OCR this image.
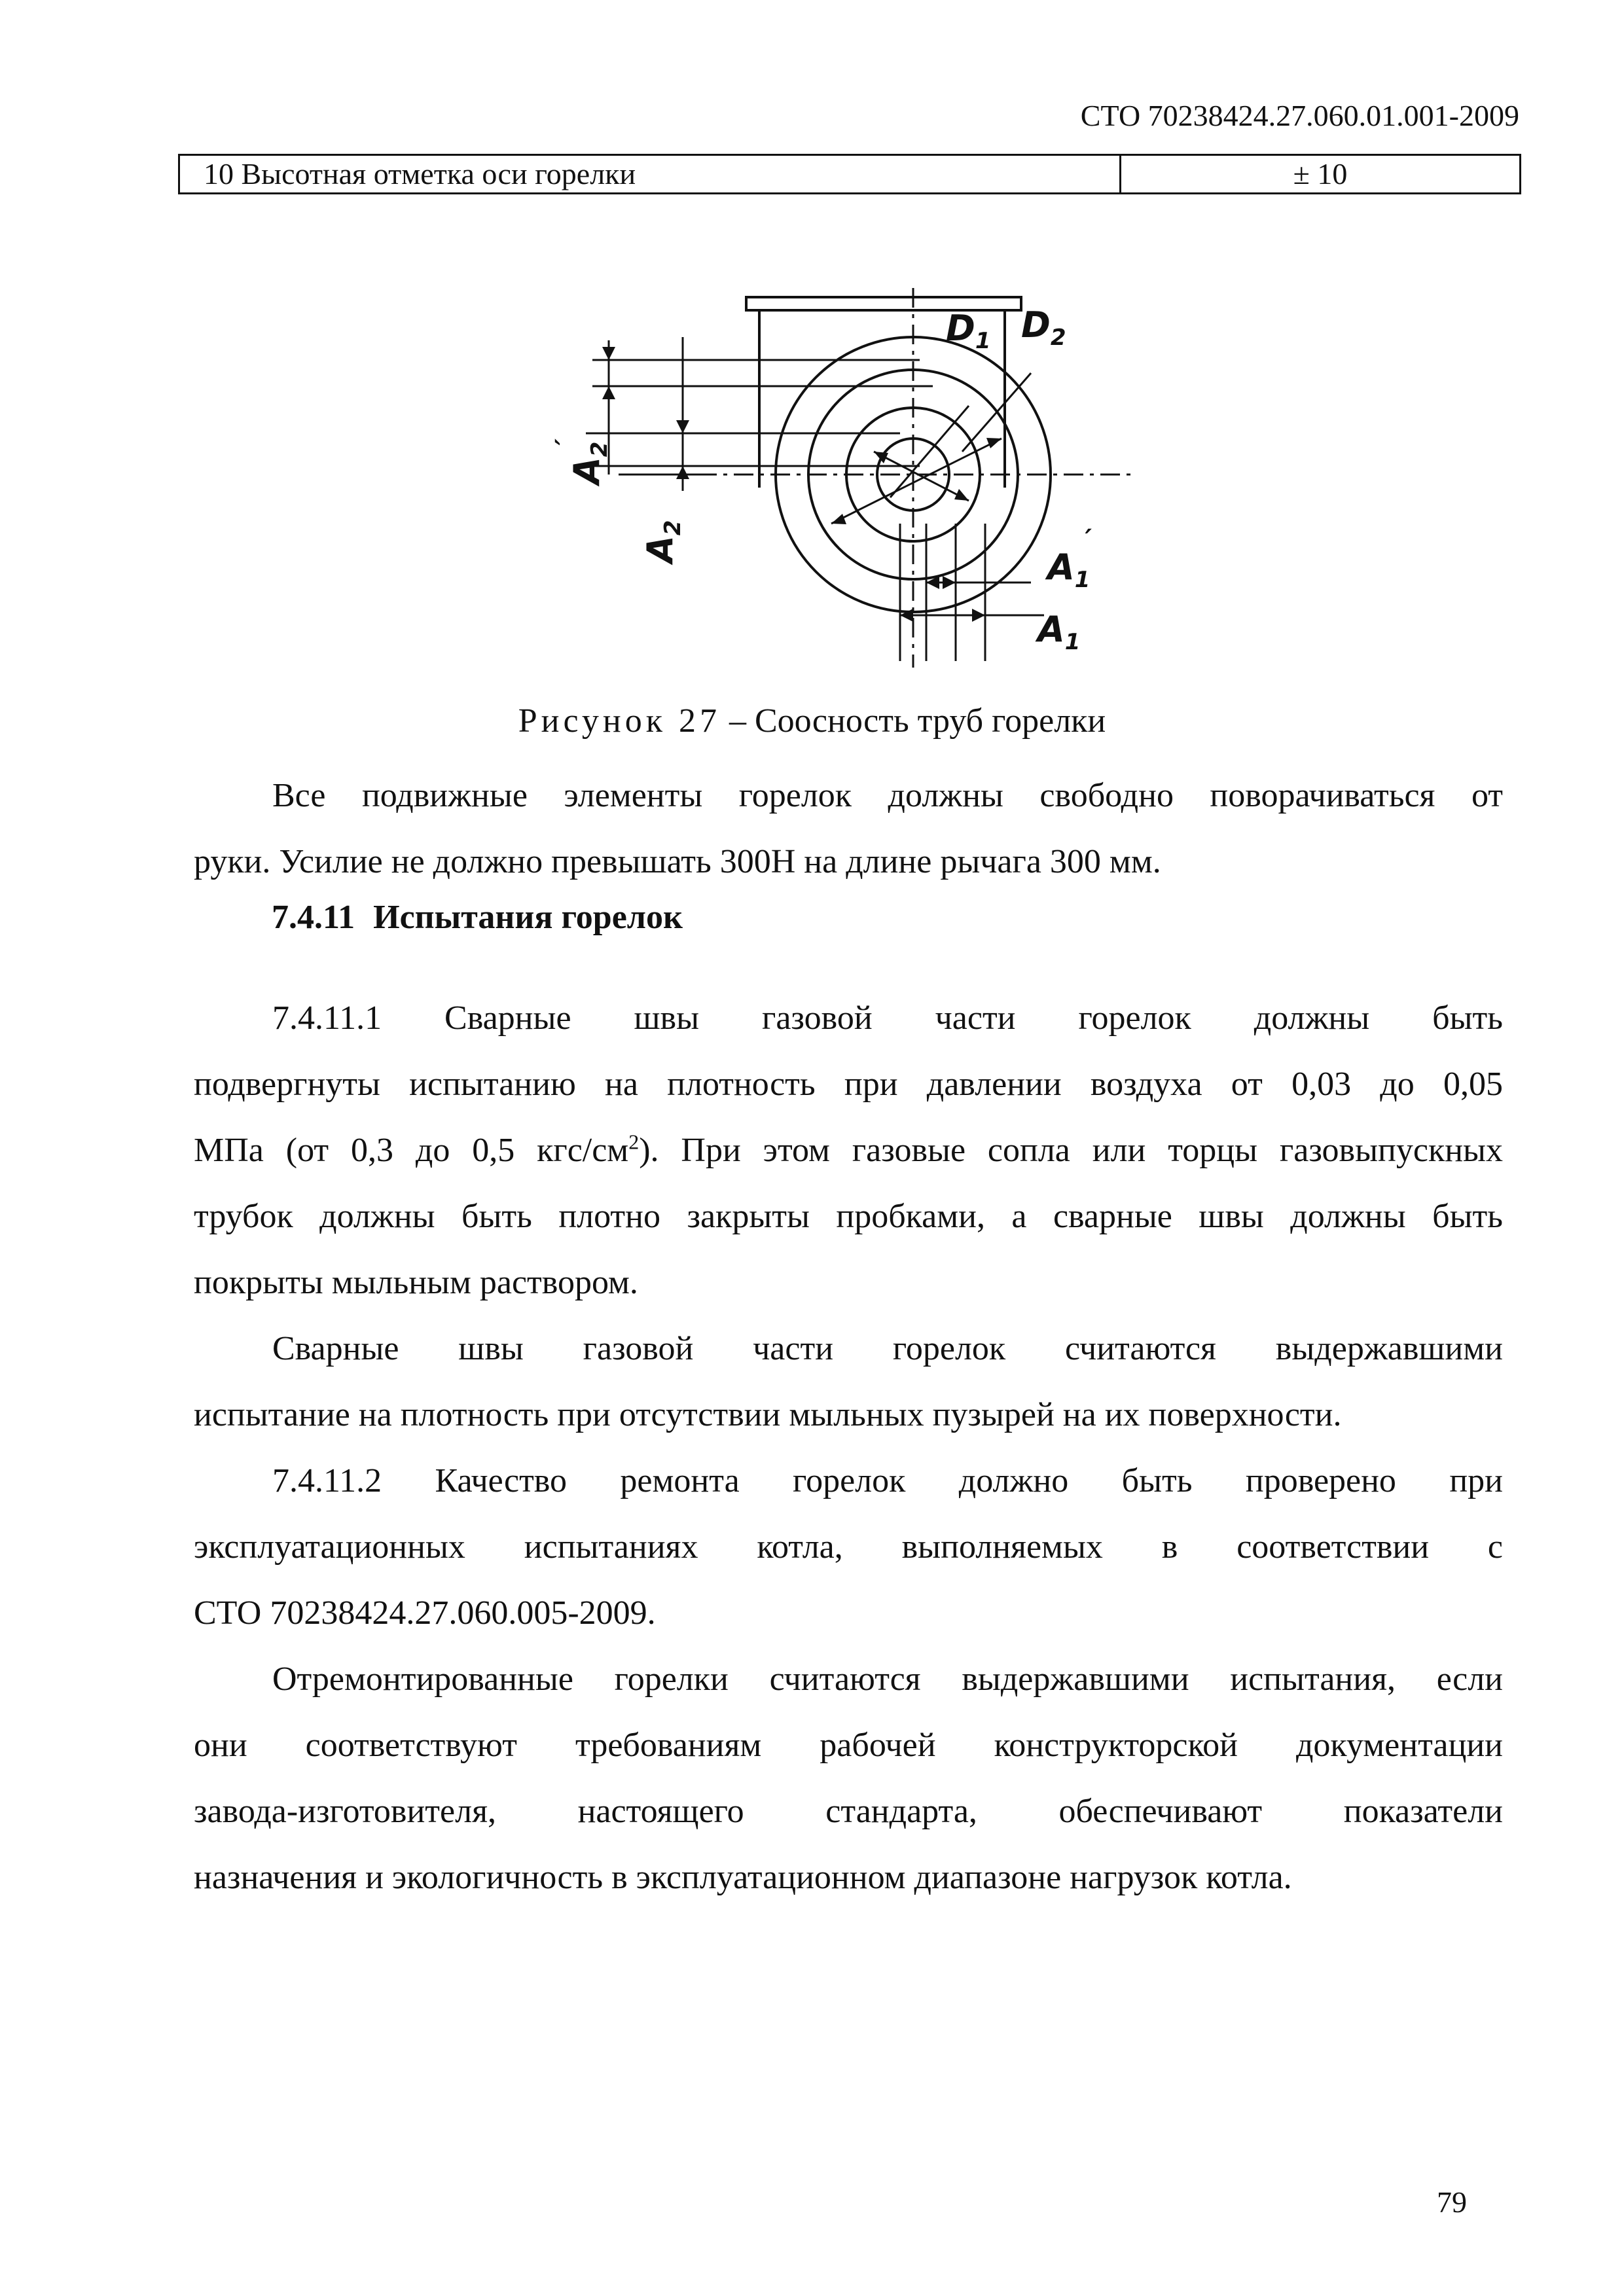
СТО 70238424.27.060.01.001-2009
10 Высотная отметка оси горелки	± 10
$D_1$ $D_2$
$A_1'$
$A_1$
$A_2'$
$A_2$
Рисунок 27 – Соосность труб горелки

Все подвижные элементы горелок должны свободно поворачиваться от

руки. Усилие не должно превышать 300Н на длине рычага 300 мм.

7.4.11 Испытания горелок

7.4.11.1 Сварные швы газовой части горелок должны быть
подвергнуты испытанию на плотность при давлении воздуха от 0,03 до 0,05
МПа (от 0,3 до 0,5 кгс/$см^2$). При этом газовые сопла или торцы газовыпускных
трубок должны быть плотно закрыты пробками, а сварные швы должны быть

покрыты мыльным раствором.

Сварные швы газовой части горелок считаются выдержавшими

испытание на плотность при отсутствии мыльных пузырей на их поверхности.

7.4.11.2 Качество ремонта горелок должно быть проверено при
эксплуатационных испытаниях котла, выполняемых в соответствии с

СТО 70238424.27.060.005-2009.

Отремонтированные горелки считаются выдержавшими испытания, если
они соответствуют требованиям рабочей конструкторской документации
завода-изготовителя, настоящего стандарта, обеспечивают показатели

назначения и экологичность в эксплуатационном диапазоне нагрузок котла.

79
